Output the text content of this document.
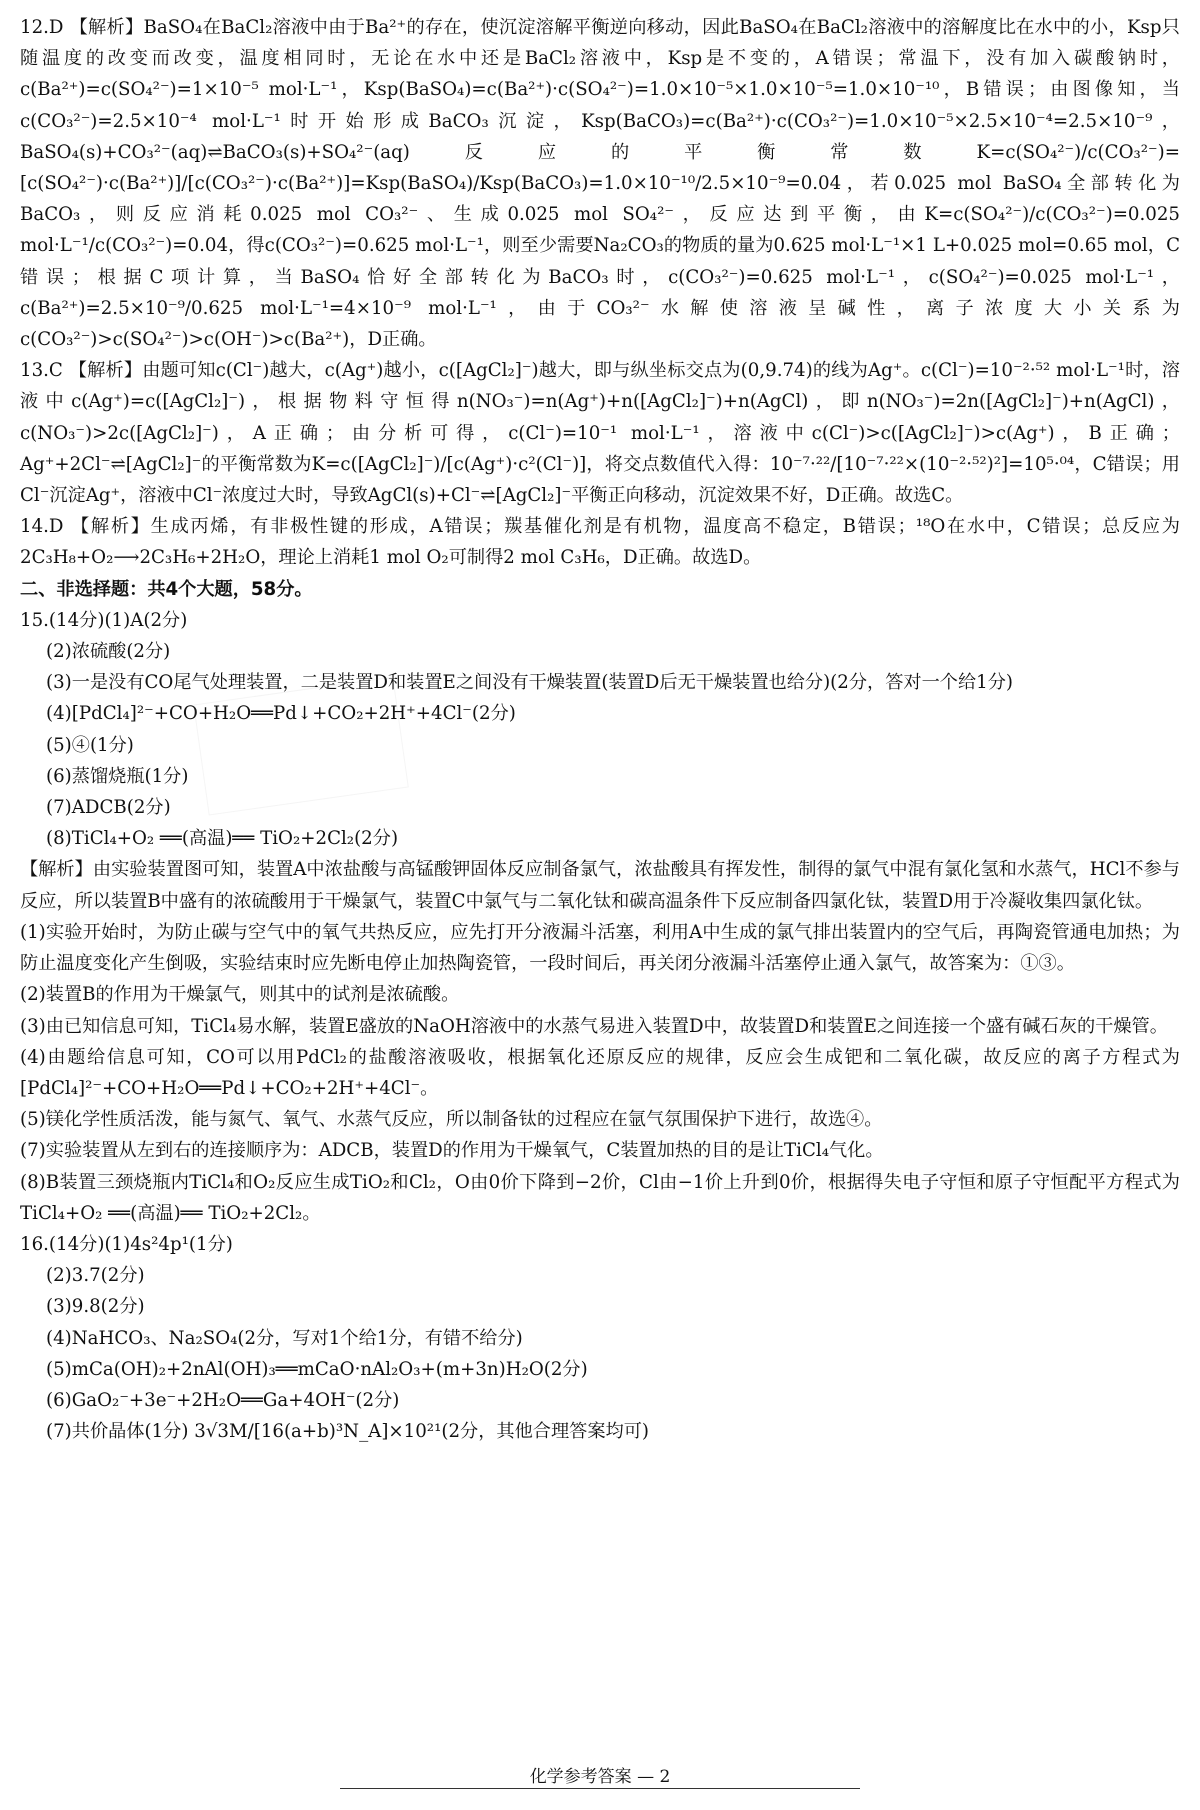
12.D 【解析】BaSO₄在BaCl₂溶液中由于Ba²⁺的存在，使沉淀溶解平衡逆向移动，因此BaSO₄在BaCl₂溶液中的溶解度比在水中的小，Ksp只随温度的改变而改变，温度相同时，无论在水中还是BaCl₂溶液中，Ksp是不变的，A错误；常温下，没有加入碳酸钠时，c(Ba²⁺)=c(SO₄²⁻)=1×10⁻⁵ mol·L⁻¹，Ksp(BaSO₄)=c(Ba²⁺)·c(SO₄²⁻)=1.0×10⁻⁵×1.0×10⁻⁵=1.0×10⁻¹⁰，B错误；由图像知，当c(CO₃²⁻)=2.5×10⁻⁴ mol·L⁻¹时开始形成BaCO₃沉淀，Ksp(BaCO₃)=c(Ba²⁺)·c(CO₃²⁻)=1.0×10⁻⁵×2.5×10⁻⁴=2.5×10⁻⁹，BaSO₄(s)+CO₃²⁻(aq)⇌BaCO₃(s)+SO₄²⁻(aq)反应的平衡常数K=c(SO₄²⁻)/c(CO₃²⁻)=[c(SO₄²⁻)·c(Ba²⁺)]/[c(CO₃²⁻)·c(Ba²⁺)]=Ksp(BaSO₄)/Ksp(BaCO₃)=1.0×10⁻¹⁰/2.5×10⁻⁹=0.04，若0.025 mol BaSO₄全部转化为BaCO₃，则反应消耗0.025 mol CO₃²⁻、生成0.025 mol SO₄²⁻，反应达到平衡，由K=c(SO₄²⁻)/c(CO₃²⁻)=0.025 mol·L⁻¹/c(CO₃²⁻)=0.04，得c(CO₃²⁻)=0.625 mol·L⁻¹，则至少需要Na₂CO₃的物质的量为0.625 mol·L⁻¹×1 L+0.025 mol=0.65 mol，C错误；根据C项计算，当BaSO₄恰好全部转化为BaCO₃时，c(CO₃²⁻)=0.625 mol·L⁻¹，c(SO₄²⁻)=0.025 mol·L⁻¹，c(Ba²⁺)=2.5×10⁻⁹/0.625 mol·L⁻¹=4×10⁻⁹ mol·L⁻¹，由于CO₃²⁻水解使溶液呈碱性，离子浓度大小关系为c(CO₃²⁻)>c(SO₄²⁻)>c(OH⁻)>c(Ba²⁺)，D正确。

13.C 【解析】由题可知c(Cl⁻)越大，c(Ag⁺)越小，c([AgCl₂]⁻)越大，即与纵坐标交点为(0,9.74)的线为Ag⁺。c(Cl⁻)=10⁻²·⁵² mol·L⁻¹时，溶液中c(Ag⁺)=c([AgCl₂]⁻)，根据物料守恒得n(NO₃⁻)=n(Ag⁺)+n([AgCl₂]⁻)+n(AgCl)，即n(NO₃⁻)=2n([AgCl₂]⁻)+n(AgCl)，c(NO₃⁻)>2c([AgCl₂]⁻)，A正确；由分析可得，c(Cl⁻)=10⁻¹ mol·L⁻¹，溶液中c(Cl⁻)>c([AgCl₂]⁻)>c(Ag⁺)，B正确；Ag⁺+2Cl⁻⇌[AgCl₂]⁻的平衡常数为K=c([AgCl₂]⁻)/[c(Ag⁺)·c²(Cl⁻)]，将交点数值代入得：10⁻⁷·²²/[10⁻⁷·²²×(10⁻²·⁵²)²]=10⁵·⁰⁴，C错误；用Cl⁻沉淀Ag⁺，溶液中Cl⁻浓度过大时，导致AgCl(s)+Cl⁻⇌[AgCl₂]⁻平衡正向移动，沉淀效果不好，D正确。故选C。

14.D 【解析】生成丙烯，有非极性键的形成，A错误；羰基催化剂是有机物，温度高不稳定，B错误；¹⁸O在水中，C错误；总反应为2C₃H₈+O₂⟶2C₃H₆+2H₂O，理论上消耗1 mol O₂可制得2 mol C₃H₆，D正确。故选D。

二、非选择题：共4个大题，58分。

15.(14分)(1)A(2分)

(2)浓硫酸(2分)

(3)一是没有CO尾气处理装置，二是装置D和装置E之间没有干燥装置(装置D后无干燥装置也给分)(2分，答对一个给1分)

(4)[PdCl₄]²⁻+CO+H₂O══Pd↓+CO₂+2H⁺+4Cl⁻(2分)

(5)④(1分)

(6)蒸馏烧瓶(1分)

(7)ADCB(2分)

(8)TiCl₄+O₂ ══(高温)══ TiO₂+2Cl₂(2分)

【解析】由实验装置图可知，装置A中浓盐酸与高锰酸钾固体反应制备氯气，浓盐酸具有挥发性，制得的氯气中混有氯化氢和水蒸气，HCl不参与反应，所以装置B中盛有的浓硫酸用于干燥氯气，装置C中氯气与二氧化钛和碳高温条件下反应制备四氯化钛，装置D用于冷凝收集四氯化钛。

(1)实验开始时，为防止碳与空气中的氧气共热反应，应先打开分液漏斗活塞，利用A中生成的氯气排出装置内的空气后，再陶瓷管通电加热；为防止温度变化产生倒吸，实验结束时应先断电停止加热陶瓷管，一段时间后，再关闭分液漏斗活塞停止通入氯气，故答案为：①③。

(2)装置B的作用为干燥氯气，则其中的试剂是浓硫酸。

(3)由已知信息可知，TiCl₄易水解，装置E盛放的NaOH溶液中的水蒸气易进入装置D中，故装置D和装置E之间连接一个盛有碱石灰的干燥管。

(4)由题给信息可知，CO可以用PdCl₂的盐酸溶液吸收，根据氧化还原反应的规律，反应会生成钯和二氧化碳，故反应的离子方程式为[PdCl₄]²⁻+CO+H₂O══Pd↓+CO₂+2H⁺+4Cl⁻。

(5)镁化学性质活泼，能与氮气、氧气、水蒸气反应，所以制备钛的过程应在氩气氛围保护下进行，故选④。

(7)实验装置从左到右的连接顺序为：ADCB，装置D的作用为干燥氧气，C装置加热的目的是让TiCl₄气化。

(8)B装置三颈烧瓶内TiCl₄和O₂反应生成TiO₂和Cl₂，O由0价下降到−2价，Cl由−1价上升到0价，根据得失电子守恒和原子守恒配平方程式为TiCl₄+O₂ ══(高温)══ TiO₂+2Cl₂。

16.(14分)(1)4s²4p¹(1分)

(2)3.7(2分)

(3)9.8(2分)

(4)NaHCO₃、Na₂SO₄(2分，写对1个给1分，有错不给分)

(5)mCa(OH)₂+2nAl(OH)₃══mCaO·nAl₂O₃+(m+3n)H₂O(2分)

(6)GaO₂⁻+3e⁻+2H₂O══Ga+4OH⁻(2分)

(7)共价晶体(1分) 3√3M/[16(a+b)³N_A]×10²¹(2分，其他合理答案均可)

化学参考答案 — 2
